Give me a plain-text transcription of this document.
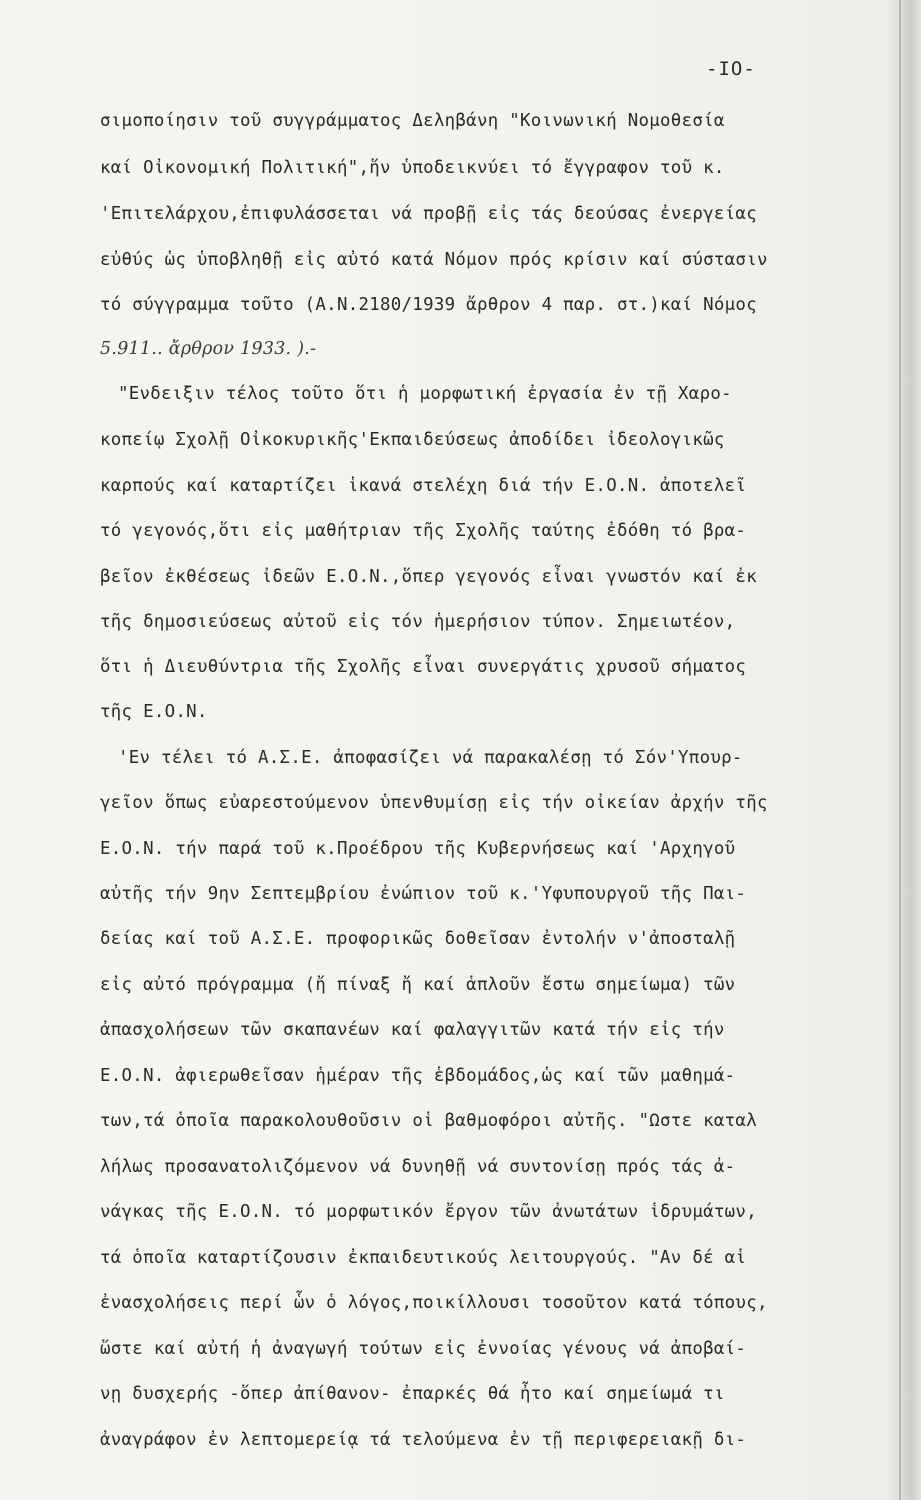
-IO-
σιμοποίησιν τοῦ συγγράμματος Δεληβάνη "Κοινωνική Νομοθεσία
καί Οἰκονομική Πολιτική",ἥν ὑποδεικνύει τό ἔγγραφον τοῦ κ.
'Επιτελάρχου,ἐπιφυλάσσεται νά προβῇ εἰς τάς δεούσας ἐνεργείας
εὐθύς ὡς ὑποβληθῇ εἰς αὐτό κατά Νόμον πρός κρίσιν καί σύστασιν
τό σύγγραμμα τοῦτο (Α.Ν.2180/1939 ἄρθρον 4 παρ. στ.)καί Νόμος
5.911.. ἄρθρον 1933. ).-
"Ενδειξιν τέλος τοῦτο ὅτι ἡ μορφωτική ἐργασία ἐν τῇ Χαρο-
κοπείῳ Σχολῇ Οἰκοκυρικῆς'Εκπαιδεύσεως ἀποδίδει ἰδεολογικῶς
καρπούς καί καταρτίζει ἱκανά στελέχη διά τήν Ε.Ο.Ν. ἀποτελεῖ
τό γεγονός,ὅτι εἰς μαθήτριαν τῆς Σχολῆς ταύτης ἐδόθη τό βρα-
βεῖον ἐκθέσεως ἰδεῶν Ε.Ο.Ν.,ὅπερ γεγονός εἶναι γνωστόν καί ἐκ
τῆς δημοσιεύσεως αὐτοῦ εἰς τόν ἡμερήσιον τύπον. Σημειωτέον,
ὅτι ἡ Διευθύντρια τῆς Σχολῆς εἶναι συνεργάτις χρυσοῦ σήματος
τῆς Ε.Ο.Ν.
'Εν τέλει τό Α.Σ.Ε. ἀποφασίζει νά παρακαλέσῃ τό Σόν'Υπουρ-
γεῖον ὅπως εὐαρεστούμενον ὑπενθυμίσῃ εἰς τήν οἰκείαν ἀρχήν τῆς
Ε.Ο.Ν. τήν παρά τοῦ κ.Προέδρου τῆς Κυβερνήσεως καί 'Αρχηγοῦ
αὐτῆς τήν 9ην Σεπτεμβρίου ἐνώπιον τοῦ κ.'Υφυπουργοῦ τῆς Παι-
δείας καί τοῦ Α.Σ.Ε. προφορικῶς δοθεῖσαν ἐντολήν ν'ἀποσταλῇ
εἰς αὐτό πρόγραμμα (ἤ πίναξ ἤ καί ἁπλοῦν ἔστω σημείωμα) τῶν
ἀπασχολήσεων τῶν σκαπανέων καί φαλαγγιτῶν κατά τήν εἰς τήν
Ε.Ο.Ν. ἀφιερωθεῖσαν ἡμέραν τῆς ἑβδομάδος,ὡς καί τῶν μαθημά-
των,τά ὁποῖα παρακολουθοῦσιν οἱ βαθμοφόροι αὐτῆς. "Ωστε καταλ
λήλως προσανατολιζόμενον νά δυνηθῇ νά συντονίσῃ πρός τάς ἀ-
νάγκας τῆς Ε.Ο.Ν. τό μορφωτικόν ἔργον τῶν ἀνωτάτων ἱδρυμάτων,
τά ὁποῖα καταρτίζουσιν ἐκπαιδευτικούς λειτουργούς. "Αν δέ αἱ
ἐνασχολήσεις περί ὧν ὁ λόγος,ποικίλλουσι τοσοῦτον κατά τόπους,
ὥστε καί αὐτή ἡ ἀναγωγή τούτων εἰς ἐννοίας γένους νά ἀποβαί-
νῃ δυσχερής -ὅπερ ἀπίθανον- ἐπαρκές θά ἦτο καί σημείωμά τι
ἀναγράφον ἐν λεπτομερείᾳ τά τελούμενα ἐν τῇ περιφερειακῇ δι-
